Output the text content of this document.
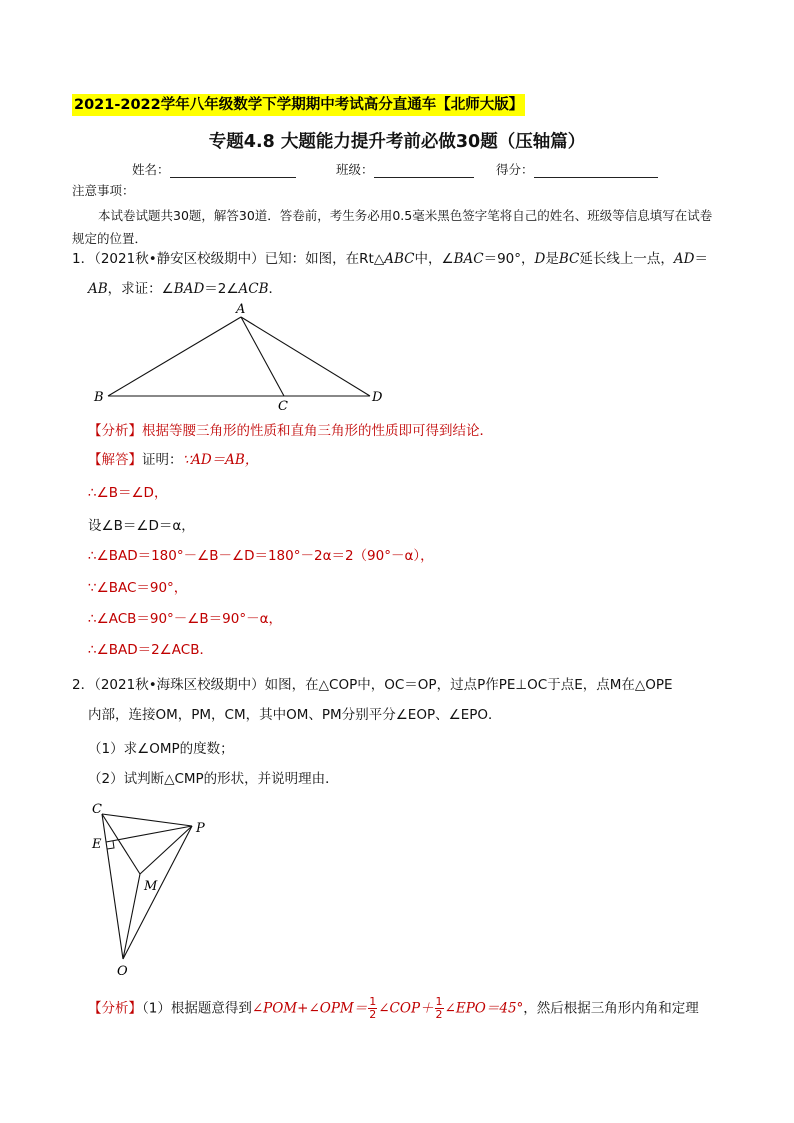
2021-2022学年八年级数学下学期期中考试高分直通车【北师大版】
专题4.8 大题能力提升考前必做30题（压轴篇）
姓名：	班级：	得分：
注意事项：
本试卷试题共30题，解答30道．答卷前，考生务必用0.5毫米黑色签字笔将自己的姓名、班级等信息填写在试卷规定的位置．
1．（2021秋•静安区校级期中）已知：如图，在Rt△ABC中，∠BAC＝90°，D是BC延长线上一点，AD＝
AB，求证：∠BAD＝2∠ACB．
A
B
C
D
【分析】根据等腰三角形的性质和直角三角形的性质即可得到结论．
【解答】证明：∵AD＝AB，
∴∠B＝∠D，
设∠B＝∠D＝α，
∴∠BAD＝180°－∠B－∠D＝180°－2α＝2（90°－α），
∵∠BAC＝90°，
∴∠ACB＝90°－∠B＝90°－α，
∴∠BAD＝2∠ACB．
2．（2021秋•海珠区校级期中）如图，在△COP中，OC＝OP，过点P作PE⊥OC于点E，点M在△OPE
内部，连接OM，PM，CM，其中OM、PM分别平分∠EOP、∠EPO．
（1）求∠OMP的度数；
（2）试判断△CMP的形状，并说明理由．
C
P
E
M
O
【分析】（1）根据题意得到∠POM+∠OPM＝ $\frac{1}{2}$ ∠COP＋ $\frac{1}{2}$ ∠EPO＝45°，然后根据三角形内角和定理
